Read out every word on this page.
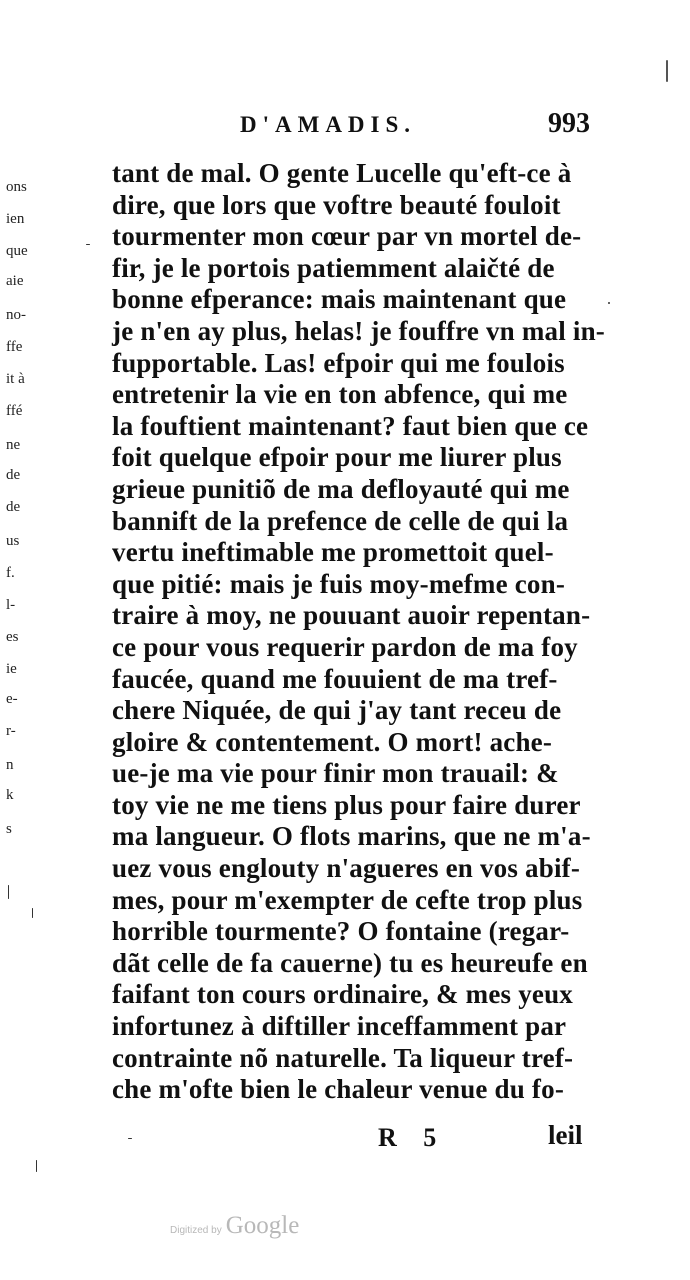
ons
ien
que
aie
no-
ffe
it à
ffé
ne
de
de
us
f.
l-
es
ie
e-
r-
n
k
s
D'AMADIS.	993
tant de mal. O gente Lucelle qu'eft-ce à
dire, que lors que voftre beauté fouloit
tourmenter mon cœur par vn mortel de-
fir, je le portois patiemment alaičté de
bonne efperance: mais maintenant que
je n'en ay plus, helas! je fouffre vn mal in-
fupportable. Las! efpoir qui me foulois
entretenir la vie en ton abfence, qui me
la fouftient maintenant? faut bien que ce
foit quelque efpoir pour me liurer plus
grieue punitiõ de ma defloyauté qui me
bannift de la prefence de celle de qui la
vertu ineftimable me promettoit quel-
que pitié: mais je fuis moy-mefme con-
traire à moy, ne pouuant auoir repentan-
ce pour vous requerir pardon de ma foy
faucée, quand me fouuient de ma tref-
chere Niquée, de qui j'ay tant receu de
gloire & contentement. O mort! ache-
ue-je ma vie pour finir mon trauail: &
toy vie ne me tiens plus pour faire durer
ma langueur. O flots marins, que ne m'a-
uez vous englouty n'agueres en vos abif-
mes, pour m'exempter de cefte trop plus
horrible tourmente? O fontaine (regar-
dãt celle de fa cauerne) tu es heureufe en
faifant ton cours ordinaire, & mes yeux
infortunez à diftiller inceffamment par
contrainte nõ naturelle. Ta liqueur tref-
che m'ofte bien le chaleur venue du fo-
R 5	leil
Digitized by Google
